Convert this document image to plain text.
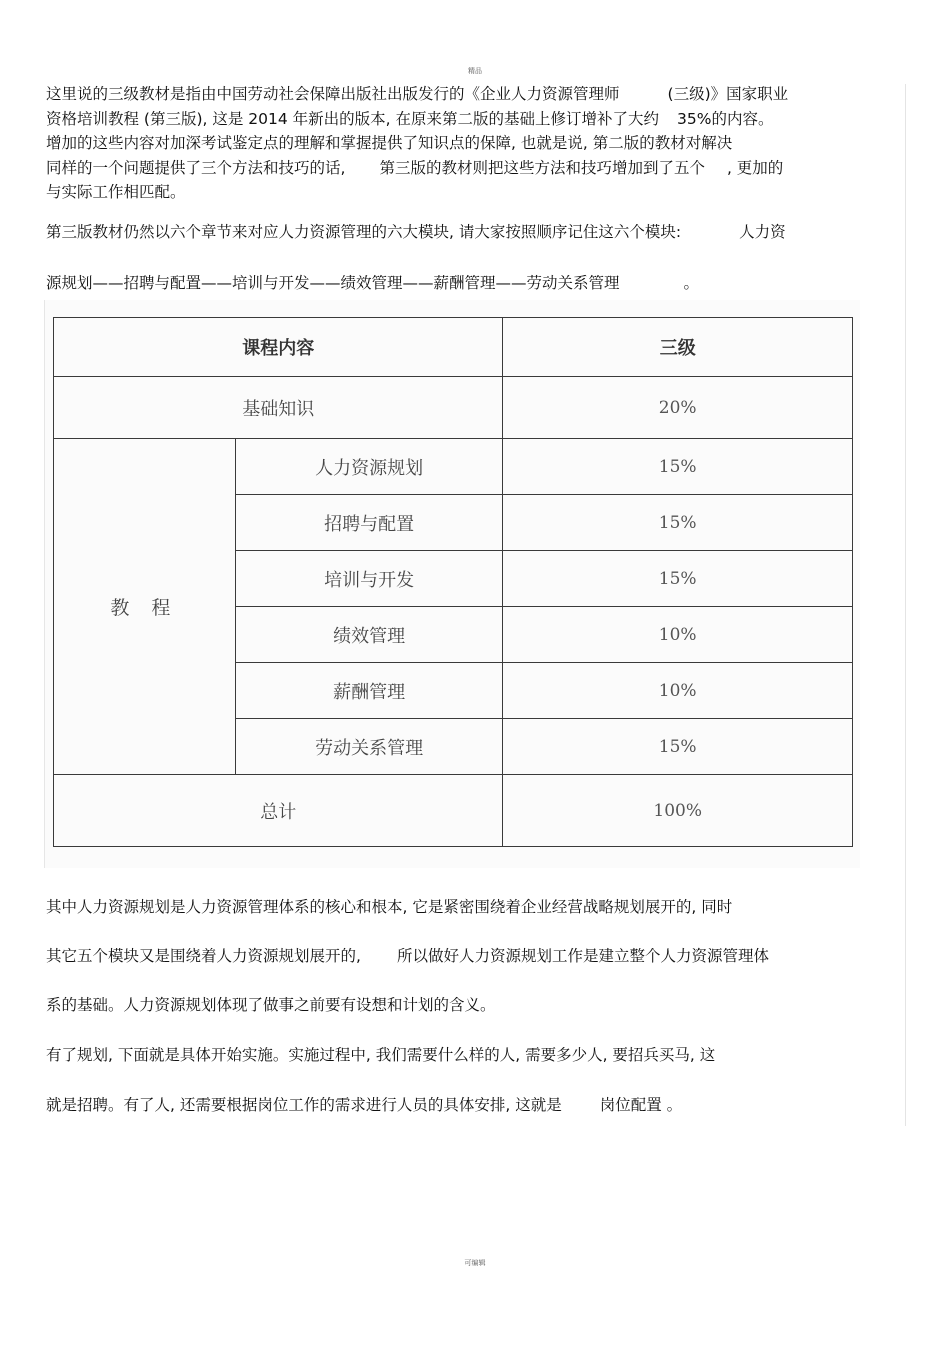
精品
这里说的三级教材是指由中国劳动社会保障出版社出版发行的《企业人力资源管理师	(三级)》国家职业
资格培训教程 (第三版), 这是 2014 年新出的版本, 在原来第二版的基础上修订增补了大约 35%的内容。
增加的这些内容对加深考试鉴定点的理解和掌握提供了知识点的保障, 也就是说, 第二版的教材对解决
同样的一个问题提供了三个方法和技巧的话, 第三版的教材则把这些方法和技巧增加到了五个 , 更加的
与实际工作相匹配。
第三版教材仍然以六个章节来对应人力资源管理的六大模块, 请大家按照顺序记住这六个模块:	人力资
源规划——招聘与配置——培训与开发——绩效管理——薪酬管理——劳动关系管理	。
课程内容		三级
基础知识		20%
教 程	人力资源规划	15%
	招聘与配置	15%
	培训与开发	15%
	绩效管理	10%
	薪酬管理	10%
	劳动关系管理	15%
总计		100%
其中人力资源规划是人力资源管理体系的核心和根本, 它是紧密围绕着企业经营战略规划展开的, 同时
其它五个模块又是围绕着人力资源规划展开的, 所以做好人力资源规划工作是建立整个人力资源管理体
系的基础。人力资源规划体现了做事之前要有设想和计划的含义。
有了规划, 下面就是具体开始实施。实施过程中, 我们需要什么样的人, 需要多少人, 要招兵买马, 这
就是招聘。有了人, 还需要根据岗位工作的需求进行人员的具体安排, 这就是 岗位配置 。
可编辑
